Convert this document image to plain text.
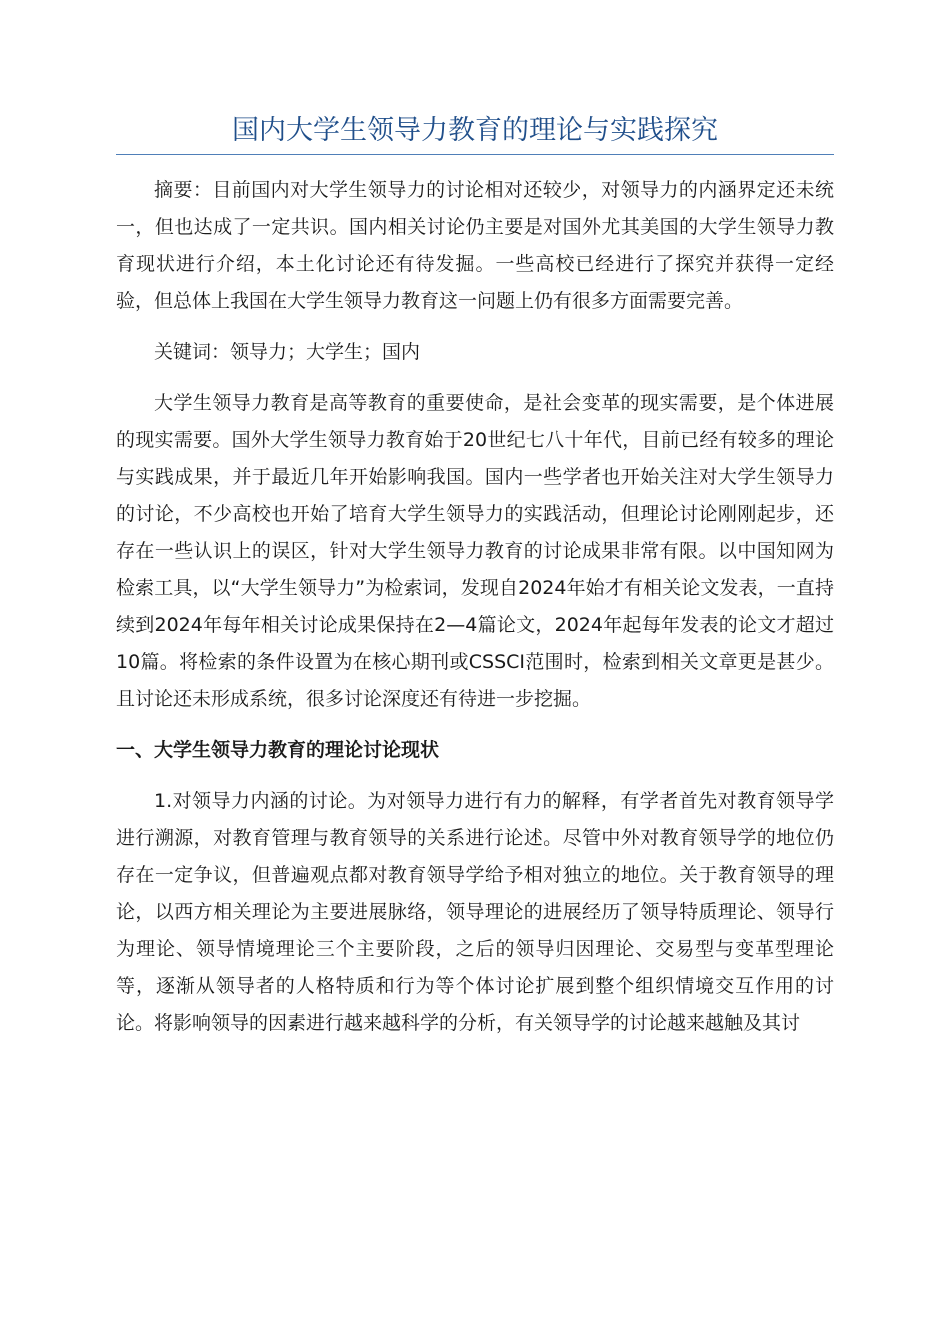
国内大学生领导力教育的理论与实践探究

摘要：目前国内对大学生领导力的讨论相对还较少，对领导力的内涵界定还未统一，但也达成了一定共识。国内相关讨论仍主要是对国外尤其美国的大学生领导力教育现状进行介绍，本土化讨论还有待发掘。一些高校已经进行了探究并获得一定经验，但总体上我国在大学生领导力教育这一问题上仍有很多方面需要完善。

关键词：领导力；大学生；国内

大学生领导力教育是高等教育的重要使命，是社会变革的现实需要，是个体进展的现实需要。国外大学生领导力教育始于20世纪七八十年代，目前已经有较多的理论与实践成果，并于最近几年开始影响我国。国内一些学者也开始关注对大学生领导力的讨论，不少高校也开始了培育大学生领导力的实践活动，但理论讨论刚刚起步，还存在一些认识上的误区，针对大学生领导力教育的讨论成果非常有限。以中国知网为检索工具，以“大学生领导力”为检索词，发现自2024年始才有相关论文发表，一直持续到2024年每年相关讨论成果保持在2—4篇论文，2024年起每年发表的论文才超过10篇。将检索的条件设置为在核心期刊或CSSCI范围时，检索到相关文章更是甚少。且讨论还未形成系统，很多讨论深度还有待进一步挖掘。

一、大学生领导力教育的理论讨论现状

1.对领导力内涵的讨论。为对领导力进行有力的解释，有学者首先对教育领导学进行溯源，对教育管理与教育领导的关系进行论述。尽管中外对教育领导学的地位仍存在一定争议，但普遍观点都对教育领导学给予相对独立的地位。关于教育领导的理论，以西方相关理论为主要进展脉络，领导理论的进展经历了领导特质理论、领导行为理论、领导情境理论三个主要阶段，之后的领导归因理论、交易型与变革型理论等，逐渐从领导者的人格特质和行为等个体讨论扩展到整个组织情境交互作用的讨论。将影响领导的因素进行越来越科学的分析，有关领导学的讨论越来越触及其讨
